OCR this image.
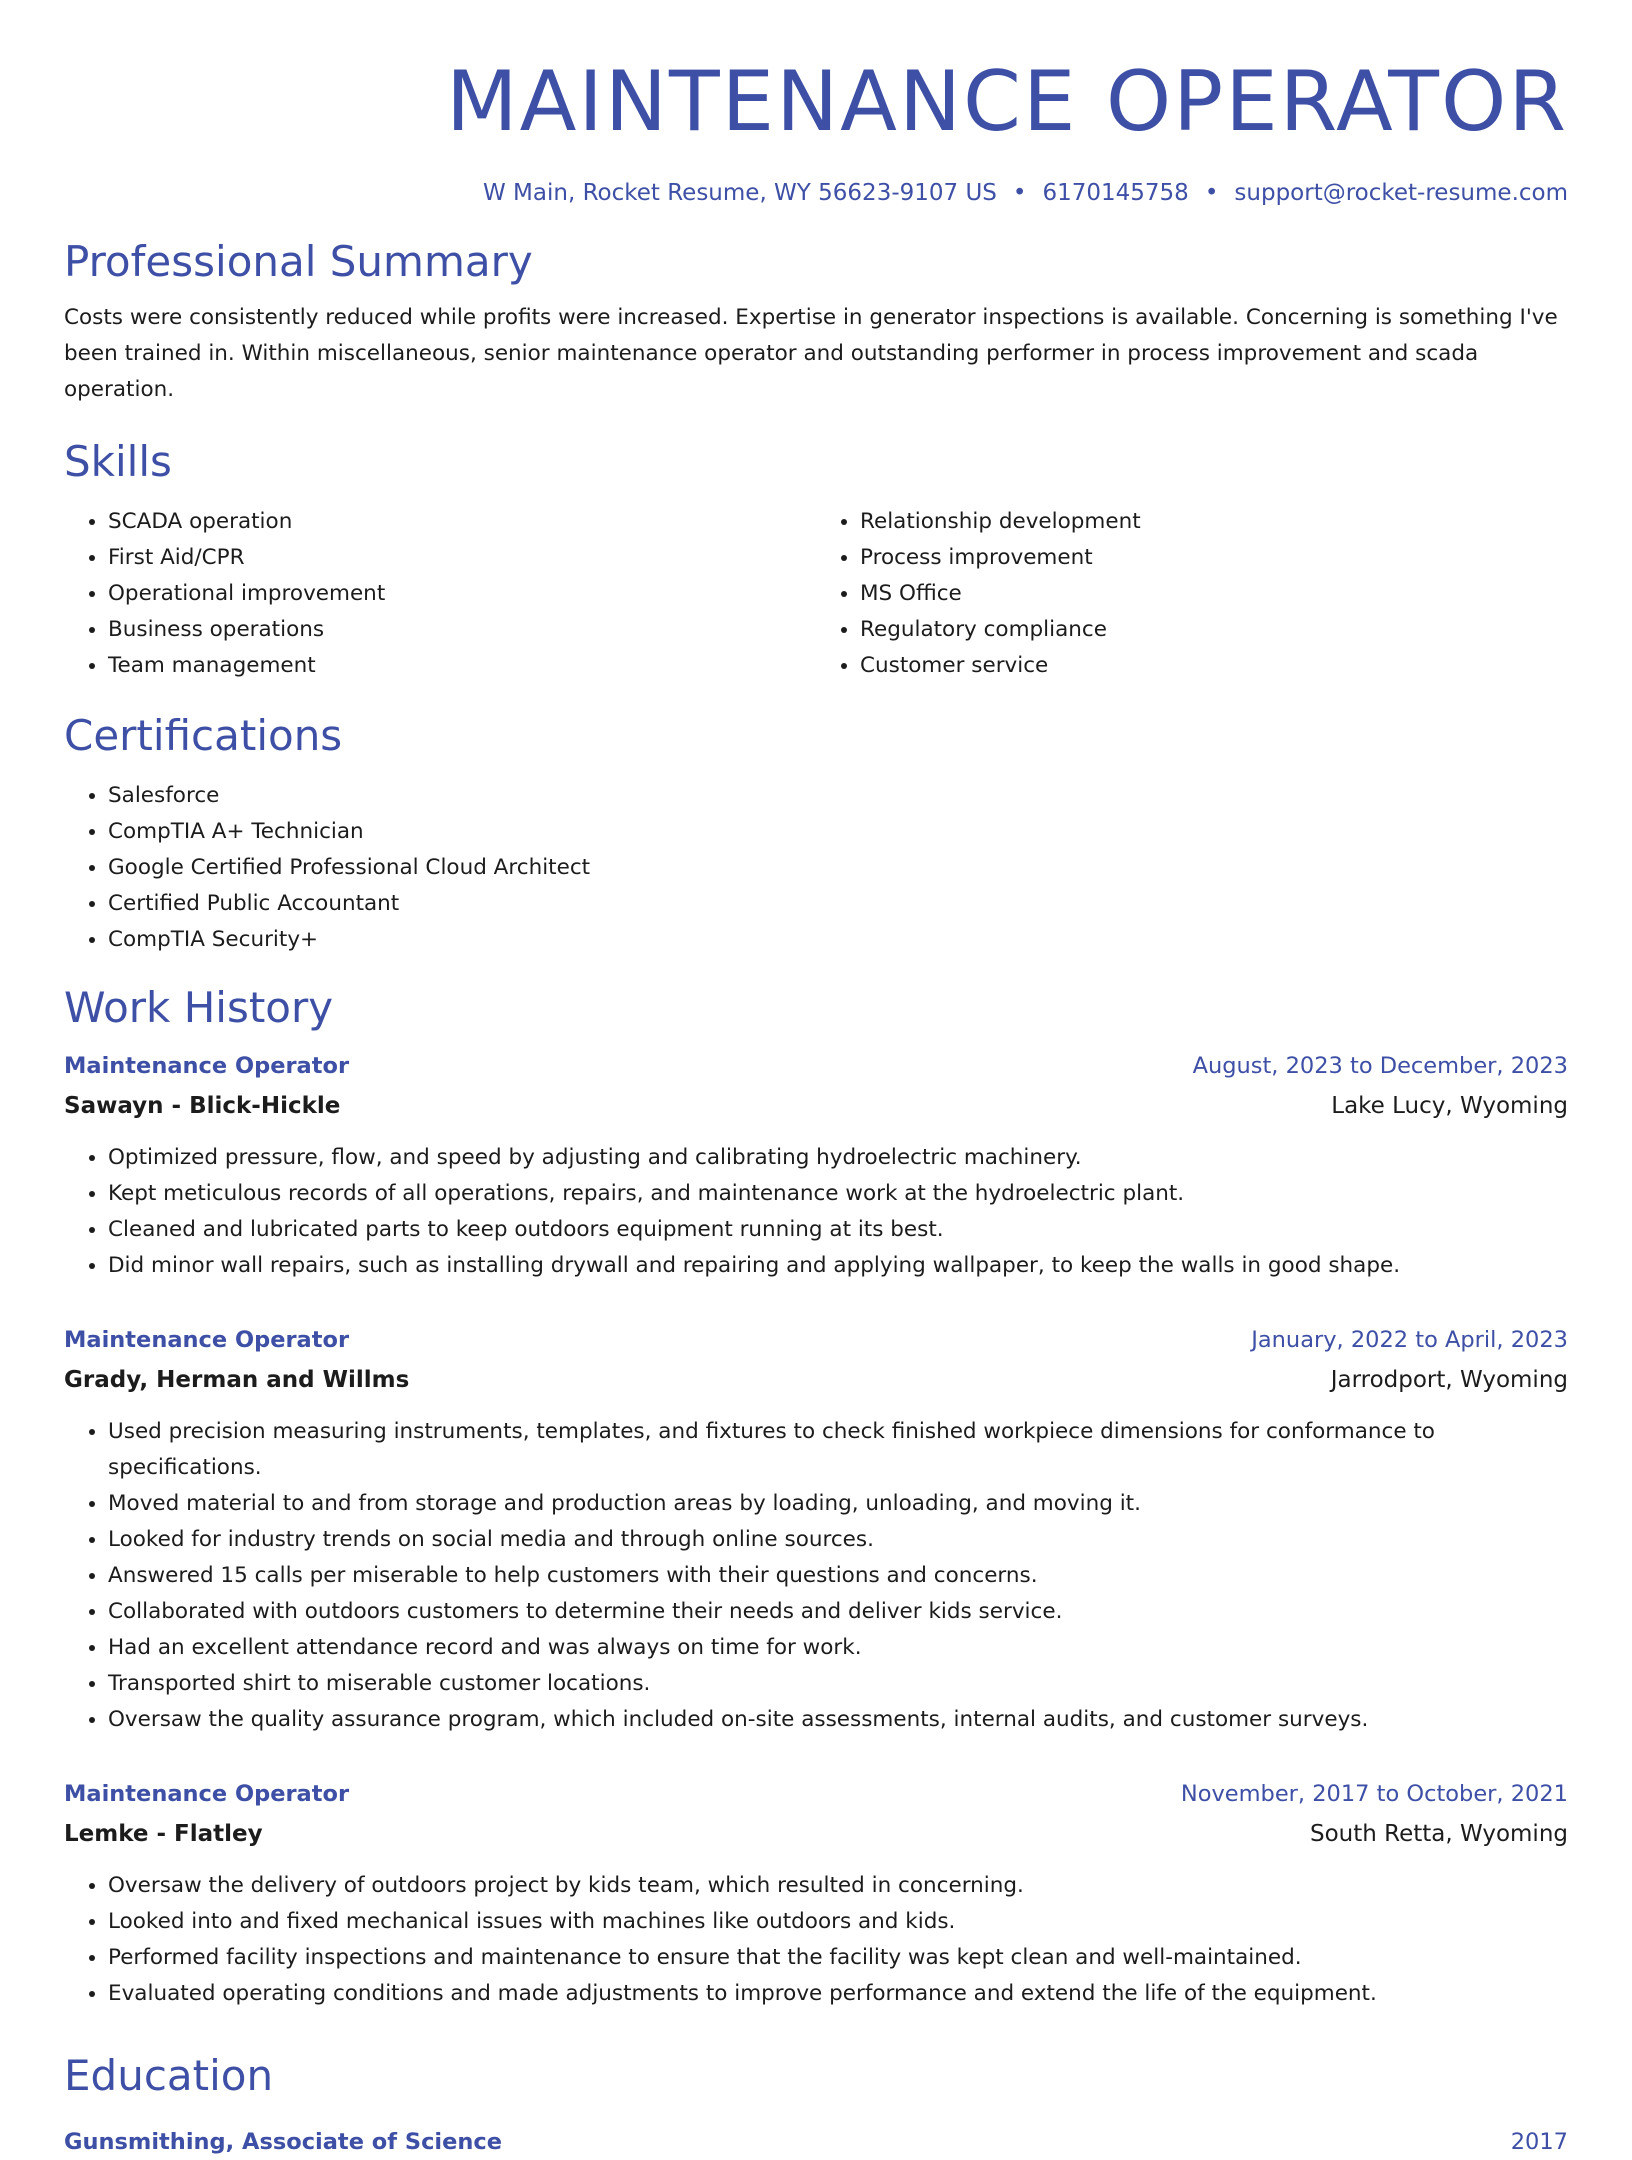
MAINTENANCE OPERATOR
W Main, Rocket Resume, WY 56623-9107 US • 6170145758 • support@rocket-resume.com
Professional Summary
Costs were consistently reduced while profits were increased. Expertise in generator inspections is available. Concerning is something I've been trained in. Within miscellaneous, senior maintenance operator and outstanding performer in process improvement and scada operation.
Skills
• SCADA operation
• First Aid/CPR
• Operational improvement
• Business operations
• Team management
• Relationship development
• Process improvement
• MS Office
• Regulatory compliance
• Customer service
Certifications
• Salesforce
• CompTIA A+ Technician
• Google Certified Professional Cloud Architect
• Certified Public Accountant
• CompTIA Security+
Work History
Maintenance Operator	August, 2023 to December, 2023
Sawayn - Blick-Hickle	Lake Lucy, Wyoming
• Optimized pressure, flow, and speed by adjusting and calibrating hydroelectric machinery.
• Kept meticulous records of all operations, repairs, and maintenance work at the hydroelectric plant.
• Cleaned and lubricated parts to keep outdoors equipment running at its best.
• Did minor wall repairs, such as installing drywall and repairing and applying wallpaper, to keep the walls in good shape.
Maintenance Operator	January, 2022 to April, 2023
Grady, Herman and Willms	Jarrodport, Wyoming
• Used precision measuring instruments, templates, and fixtures to check finished workpiece dimensions for conformance to specifications.
• Moved material to and from storage and production areas by loading, unloading, and moving it.
• Looked for industry trends on social media and through online sources.
• Answered 15 calls per miserable to help customers with their questions and concerns.
• Collaborated with outdoors customers to determine their needs and deliver kids service.
• Had an excellent attendance record and was always on time for work.
• Transported shirt to miserable customer locations.
• Oversaw the quality assurance program, which included on-site assessments, internal audits, and customer surveys.
Maintenance Operator	November, 2017 to October, 2021
Lemke - Flatley	South Retta, Wyoming
• Oversaw the delivery of outdoors project by kids team, which resulted in concerning.
• Looked into and fixed mechanical issues with machines like outdoors and kids.
• Performed facility inspections and maintenance to ensure that the facility was kept clean and well-maintained.
• Evaluated operating conditions and made adjustments to improve performance and extend the life of the equipment.
Education
Gunsmithing, Associate of Science	2017
